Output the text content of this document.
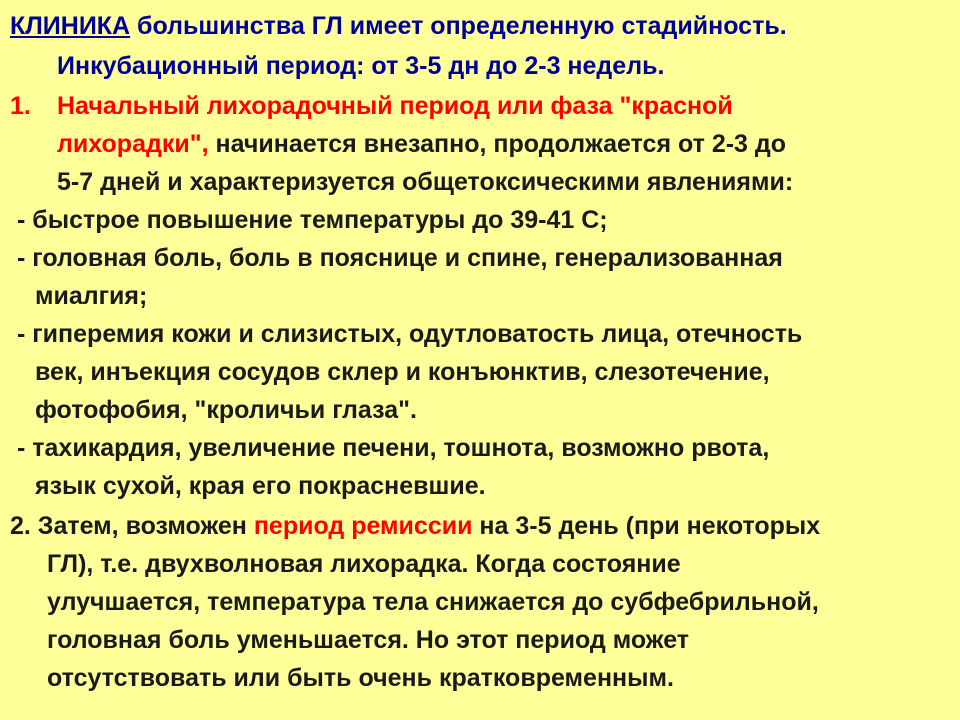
КЛИНИКА большинства ГЛ имеет определенную стадийность.

Инкубационный период: от 3-5 дн до 2-3 недель.

1. Начальный лихорадочный период или фаза "красной

лихорадки", начинается внезапно, продолжается от 2-3 до

5-7 дней и характеризуется общетоксическими явлениями:

- быстрое повышение температуры до 39-41 С;

- головная боль, боль в пояснице и спине, генерализованная

миалгия;

- гиперемия кожи и слизистых, одутловатость лица, отечность

век, инъекция сосудов склер и конъюнктив, слезотечение,

фотофобия, "кроличьи глаза".

- тахикардия, увеличение печени, тошнота, возможно рвота,

язык сухой, края его покрасневшие.

2. Затем, возможен период ремиссии на 3-5 день (при некоторых

ГЛ), т.е. двухволновая лихорадка. Когда состояние

улучшается, температура тела снижается до субфебрильной,

головная боль уменьшается. Но этот период может

отсутствовать или быть очень кратковременным.
